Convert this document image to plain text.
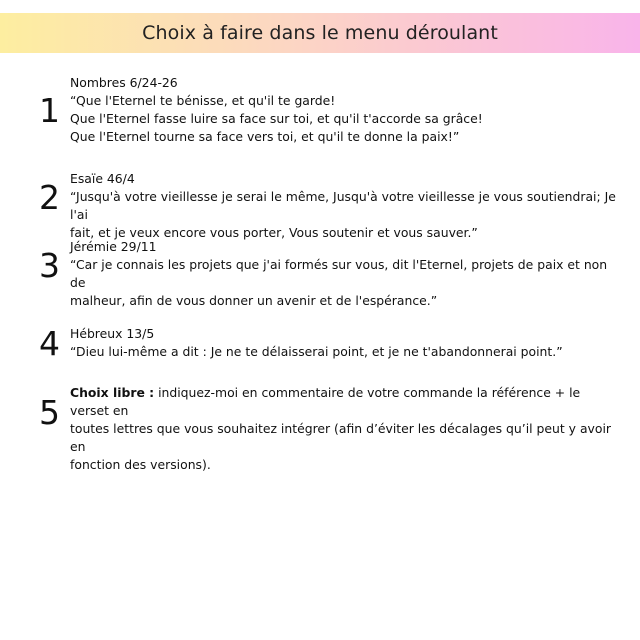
Choix à faire dans le menu déroulant
1
Nombres 6/24-26
“Que l'Eternel te bénisse, et qu'il te garde!
Que l'Eternel fasse luire sa face sur toi, et qu'il t'accorde sa grâce!
Que l'Eternel tourne sa face vers toi, et qu'il te donne la paix!”
2 Esaïe 46/4
“Jusqu'à votre vieillesse je serai le même, Jusqu'à votre vieillesse je vous soutiendrai; Je l'ai
fait, et je veux encore vous porter, Vous soutenir et vous sauver.”
3 Jérémie 29/11
“Car je connais les projets que j'ai formés sur vous, dit l'Eternel, projets de paix et non de
malheur, afin de vous donner un avenir et de l'espérance.”
4 Hébreux 13/5
“Dieu lui-même a dit : Je ne te délaisserai point, et je ne t'abandonnerai point.”
5
Choix libre : indiquez-moi en commentaire de votre commande la référence + le verset en
toutes lettres que vous souhaitez intégrer (afin d’éviter les décalages qu’il peut y avoir en
fonction des versions).
